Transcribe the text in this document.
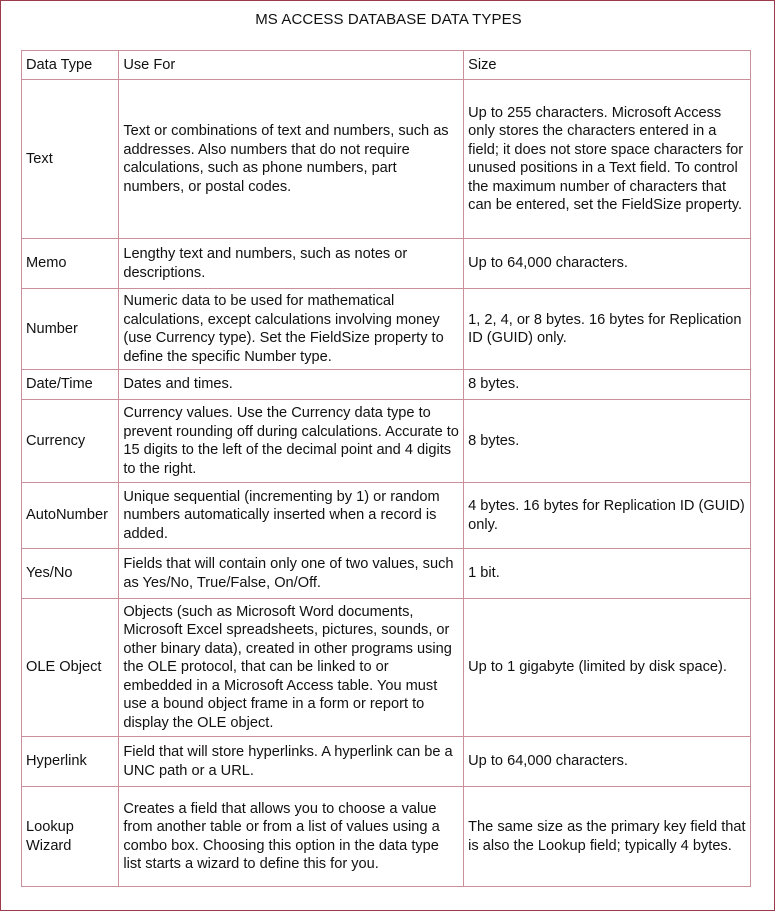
MS ACCESS DATABASE DATA TYPES
Data Type	Use For	Size
Text	Text or combinations of text and numbers, such as addresses. Also numbers that do not require calculations, such as phone numbers, part numbers, or postal codes.	Up to 255 characters. Microsoft Access only stores the characters entered in a field; it does not store space characters for unused positions in a Text field. To control the maximum number of characters that can be entered, set the FieldSize property.
Memo	Lengthy text and numbers, such as notes or descriptions.	Up to 64,000 characters.
Number	Numeric data to be used for mathematical calculations, except calculations involving money (use Currency type). Set the FieldSize property to define the specific Number type.	1, 2, 4, or 8 bytes. 16 bytes for Replication ID (GUID) only.
Date/Time	Dates and times.	8 bytes.
Currency	Currency values. Use the Currency data type to prevent rounding off during calculations. Accurate to 15 digits to the left of the decimal point and 4 digits to the right.	8 bytes.
AutoNumber	Unique sequential (incrementing by 1) or random numbers automatically inserted when a record is added.	4 bytes. 16 bytes for Replication ID (GUID) only.
Yes/No	Fields that will contain only one of two values, such as Yes/No, True/False, On/Off.	1 bit.
OLE Object	Objects (such as Microsoft Word documents, Microsoft Excel spreadsheets, pictures, sounds, or other binary data), created in other programs using the OLE protocol, that can be linked to or embedded in a Microsoft Access table. You must use a bound object frame in a form or report to display the OLE object.	Up to 1 gigabyte (limited by disk space).
Hyperlink	Field that will store hyperlinks. A hyperlink can be a UNC path or a URL.	Up to 64,000 characters.
Lookup Wizard	Creates a field that allows you to choose a value from another table or from a list of values using a combo box. Choosing this option in the data type list starts a wizard to define this for you.	The same size as the primary key field that is also the Lookup field; typically 4 bytes.
